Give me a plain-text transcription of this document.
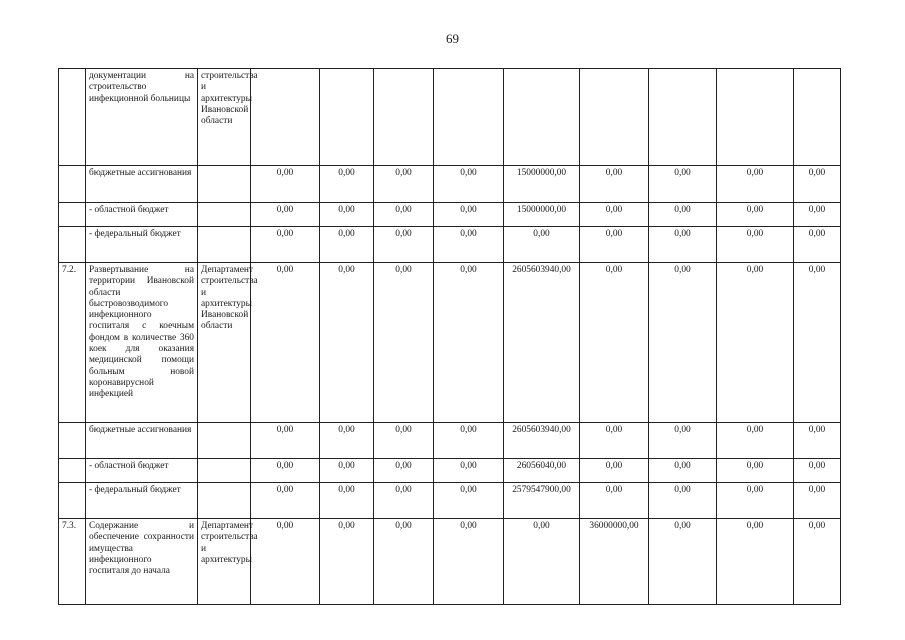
69
	документации на строительство инфекционной больницы	строительства и архитектуры Ивановской области									
	бюджетные ассигнования		0,00	0,00	0,00	0,00	15000000,00	0,00	0,00	0,00	0,00
	- областной бюджет		0,00	0,00	0,00	0,00	15000000,00	0,00	0,00	0,00	0,00
	- федеральный бюджет		0,00	0,00	0,00	0,00	0,00	0,00	0,00	0,00	0,00
7.2.	Развертывание на территории Ивановской области быстровозводимого инфекционного госпиталя с коечным фондом в количестве 360 коек для оказания медицинской помощи больным новой коронавирусной инфекцией	Департамент строительства и архитектуры Ивановской области	0,00	0,00	0,00	0,00	2605603940,00	0,00	0,00	0,00	0,00
	бюджетные ассигнования		0,00	0,00	0,00	0,00	2605603940,00	0,00	0,00	0,00	0,00
	- областной бюджет		0,00	0,00	0,00	0,00	26056040,00	0,00	0,00	0,00	0,00
	- федеральный бюджет		0,00	0,00	0,00	0,00	2579547900,00	0,00	0,00	0,00	0,00
7.3.	Содержание и обеспечение сохранности имущества инфекционного госпиталя до начала	Департамент строительства и архитектуры	0,00	0,00	0,00	0,00	0,00	36000000,00	0,00	0,00	0,00
